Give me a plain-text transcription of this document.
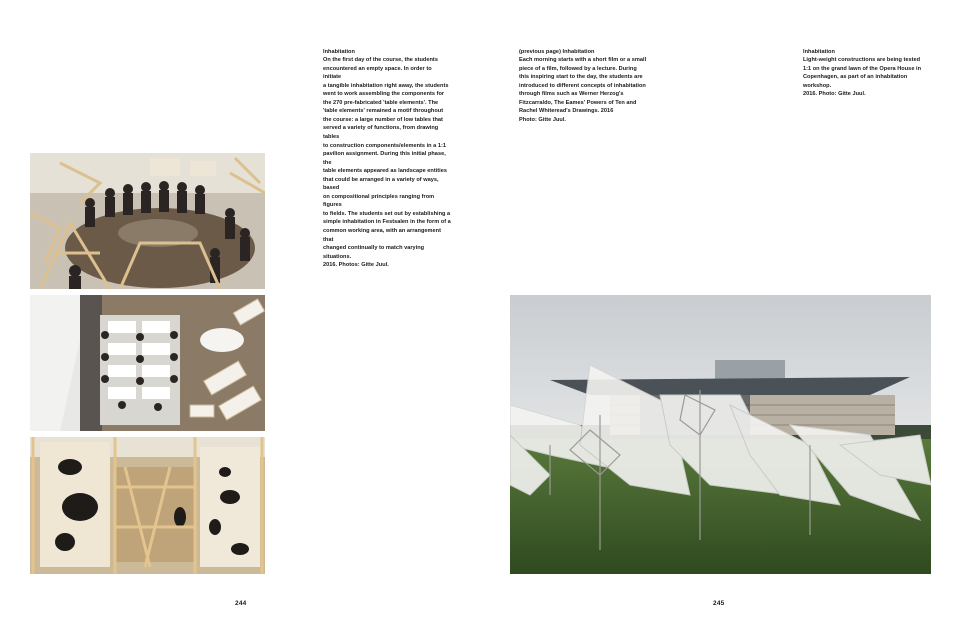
Inhabitation
On the first day of the course, the students
encountered an empty space. In order to initiate
a tangible inhabitation right away, the students
went to work assembling the components for
the 270 pre-fabricated 'table elements'. The
'table elements' remained a motif throughout
the course: a large number of low tables that
served a variety of functions, from drawing tables
to construction components/elements in a 1:1
pavilion assignment. During this initial phase, the
table elements appeared as landscape entities
that could be arranged in a variety of ways, based
on compositional principles ranging from figures
to fields. The students set out by establishing a
simple inhabitation in Festsalen in the form of a
common working area, with an arrangement that
changed continually to match varying situations.
2016. Photos: Gitte Juul.

(previous page) Inhabitation
Each morning starts with a short film or a small
piece of a film, followed by a lecture. During
this inspiring start to the day, the students are
introduced to different concepts of inhabitation
through films such as Werner Herzog's
Fitzcarraldo, The Eames' Powers of Ten and
Rachel Whiteread's Drawings. 2016
Photo: Gitte Juul.

Inhabitation
Light-weight constructions are being tested
1:1 on the grand lawn of the Opera House in
Copenhagen, as part of an inhabitation workshop.
2016. Photo: Gitte Juul.

244	245
